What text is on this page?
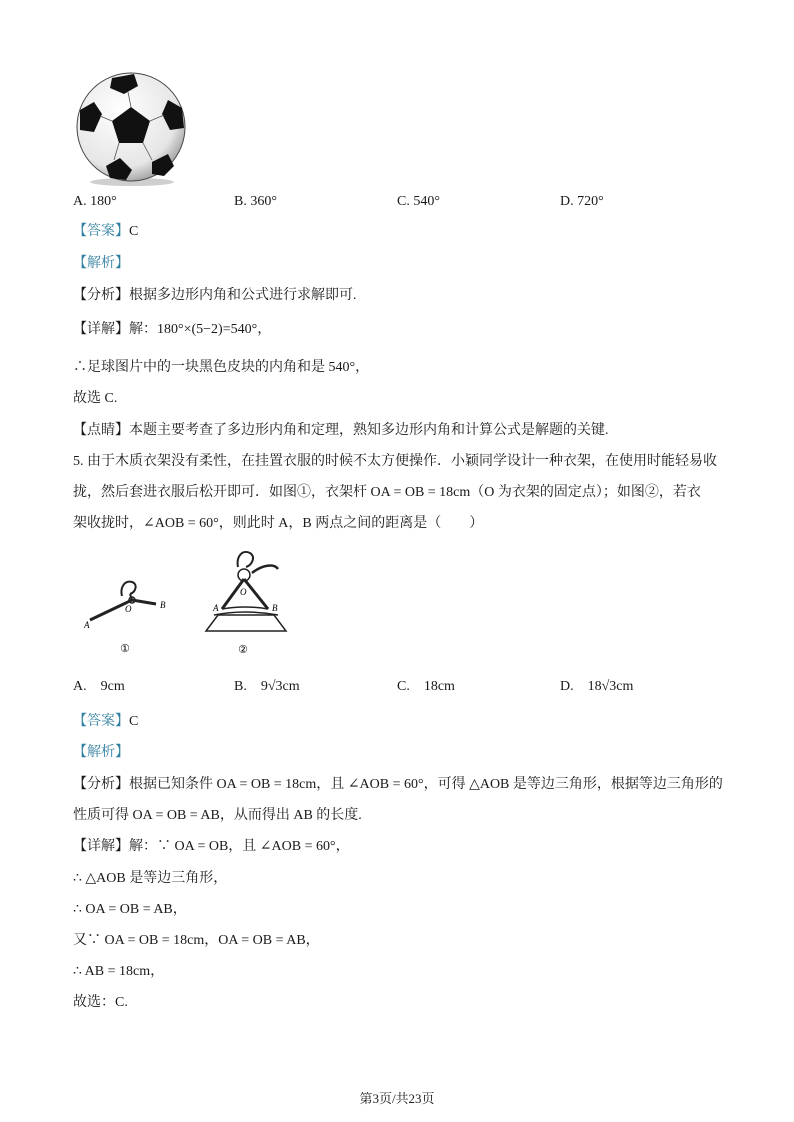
A. 180°	B. 360°	C. 540°	D. 720°
【答案】C
【解析】
【分析】根据多边形内角和公式进行求解即可.
【详解】解：180°×(5−2)=540°，
∴足球图片中的一块黑色皮块的内角和是 540°，
故选 C.
【点睛】本题主要考查了多边形内角和定理，熟知多边形内角和计算公式是解题的关键.
5. 由于木质衣架没有柔性，在挂置衣服的时候不太方便操作．小颖同学设计一种衣架，在使用时能轻易收
拢，然后套进衣服后松开即可．如图①，衣架杆 OA = OB = 18cm（O 为衣架的固定点）；如图②，若衣
架收拢时，∠AOB = 60°，则此时 A，B 两点之间的距离是（　　）
O	B
A
①
O
A	B
②
A.　9cm	B.　9√3cm	C.　18cm	D.　18√3cm
【答案】C
【解析】
【分析】根据已知条件 OA = OB = 18cm，且 ∠AOB = 60°，可得 △AOB 是等边三角形，根据等边三角形的
性质可得 OA = OB = AB，从而得出 AB 的长度.
【详解】解：∵ OA = OB，且 ∠AOB = 60°，
∴ △AOB 是等边三角形，
∴ OA = OB = AB，
又∵ OA = OB = 18cm，OA = OB = AB，
∴ AB = 18cm，
故选：C.
第3页/共23页
